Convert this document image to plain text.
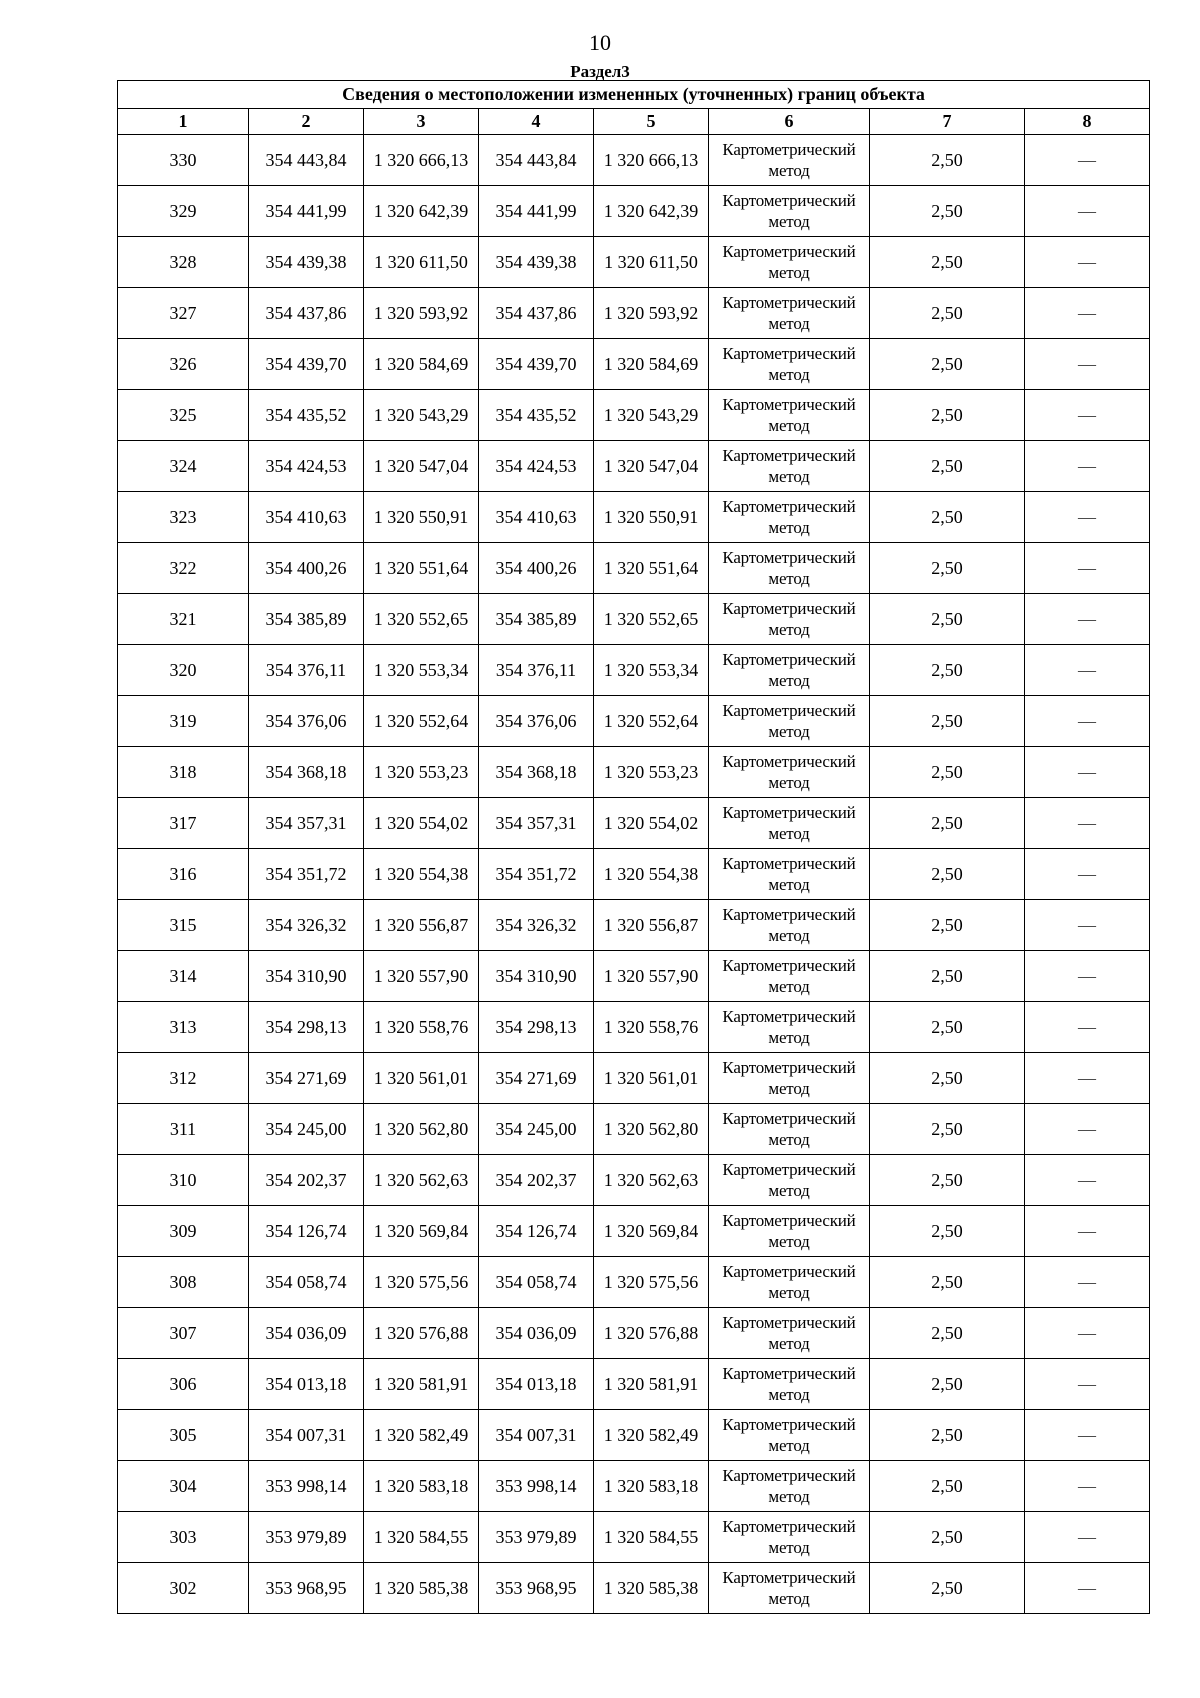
10
Раздел3
Сведения о местоположении измененных (уточненных) границ объекта							
1	2	3	4	5	6	7	8
330	354 443,84	1 320 666,13	354 443,84	1 320 666,13	Картометрический метод	2,50	—
329	354 441,99	1 320 642,39	354 441,99	1 320 642,39	Картометрический метод	2,50	—
328	354 439,38	1 320 611,50	354 439,38	1 320 611,50	Картометрический метод	2,50	—
327	354 437,86	1 320 593,92	354 437,86	1 320 593,92	Картометрический метод	2,50	—
326	354 439,70	1 320 584,69	354 439,70	1 320 584,69	Картометрический метод	2,50	—
325	354 435,52	1 320 543,29	354 435,52	1 320 543,29	Картометрический метод	2,50	—
324	354 424,53	1 320 547,04	354 424,53	1 320 547,04	Картометрический метод	2,50	—
323	354 410,63	1 320 550,91	354 410,63	1 320 550,91	Картометрический метод	2,50	—
322	354 400,26	1 320 551,64	354 400,26	1 320 551,64	Картометрический метод	2,50	—
321	354 385,89	1 320 552,65	354 385,89	1 320 552,65	Картометрический метод	2,50	—
320	354 376,11	1 320 553,34	354 376,11	1 320 553,34	Картометрический метод	2,50	—
319	354 376,06	1 320 552,64	354 376,06	1 320 552,64	Картометрический метод	2,50	—
318	354 368,18	1 320 553,23	354 368,18	1 320 553,23	Картометрический метод	2,50	—
317	354 357,31	1 320 554,02	354 357,31	1 320 554,02	Картометрический метод	2,50	—
316	354 351,72	1 320 554,38	354 351,72	1 320 554,38	Картометрический метод	2,50	—
315	354 326,32	1 320 556,87	354 326,32	1 320 556,87	Картометрический метод	2,50	—
314	354 310,90	1 320 557,90	354 310,90	1 320 557,90	Картометрический метод	2,50	—
313	354 298,13	1 320 558,76	354 298,13	1 320 558,76	Картометрический метод	2,50	—
312	354 271,69	1 320 561,01	354 271,69	1 320 561,01	Картометрический метод	2,50	—
311	354 245,00	1 320 562,80	354 245,00	1 320 562,80	Картометрический метод	2,50	—
310	354 202,37	1 320 562,63	354 202,37	1 320 562,63	Картометрический метод	2,50	—
309	354 126,74	1 320 569,84	354 126,74	1 320 569,84	Картометрический метод	2,50	—
308	354 058,74	1 320 575,56	354 058,74	1 320 575,56	Картометрический метод	2,50	—
307	354 036,09	1 320 576,88	354 036,09	1 320 576,88	Картометрический метод	2,50	—
306	354 013,18	1 320 581,91	354 013,18	1 320 581,91	Картометрический метод	2,50	—
305	354 007,31	1 320 582,49	354 007,31	1 320 582,49	Картометрический метод	2,50	—
304	353 998,14	1 320 583,18	353 998,14	1 320 583,18	Картометрический метод	2,50	—
303	353 979,89	1 320 584,55	353 979,89	1 320 584,55	Картометрический метод	2,50	—
302	353 968,95	1 320 585,38	353 968,95	1 320 585,38	Картометрический метод	2,50	—
